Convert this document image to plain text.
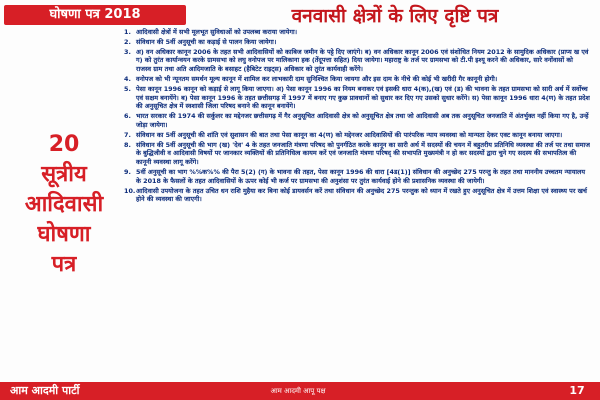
घोषणा पत्र 2018	वनवासी क्षेत्रों के लिए दृष्टि पत्र
20
सूत्रीय
आदिवासी
घोषणा
पत्र
1. आदिवासी क्षेत्रों में सभी मूलभूत सुविधाओं को उपलब्ध कराया जायेगा।
2. संविधान की 5वीं अनुसूची का कड़ाई से पालन किया जायेगा।
3. अ) वन अधिकार कानून 2006 के तहत सभी आदिवासियों को काबिज जमीन के पट्टे दिए जाएंगे। ब) वन अधिकार कानून 2006 एवं संशोधित नियम 2012 के सामुदिक अधिकार (प्राप्य ख एवं ग) को तुरंत कार्यान्वयन करके ग्रामसभा को लघु वनोपज पर मालिकाना हक (तेंदूपत्ता सहित) दिया जायेगा। महाराष्ट्र के तर्ज पर ग्रामसभा को टी.पी इश्यू करने की अधिकार, सारे वनोंवासों को राजस्व ग्राम तथा अति आदिमजाति के बसाहट (हैबिटेट राइट्स) अधिकार को तुरंत कार्यवाही करेंगे।
4. वनोपज को भी न्यूनतम समर्थन मूल्य कानून में शामिल कर लाभकारी दाम सुनिश्चित किया जायगा और इस दाम के नीचे की कोई भी खरीदी गैर कानूनी होगी।
5. पेसा कानून 1996 कानून को कड़ाई से लागू किया जाएगा। अ) पेसा कानून 1996 का नियम बनाकर एवं इसकी धारा 4(क),(ख) एवं (ड) की भावना के तहत ग्रामसभा को सारी अर्थ में सर्वोच्च एवं सक्षम बनायेंगे। ब) पेसा कानून 1996 के तहत छत्तीसगढ़ में 1997 में बनाए गए कुछ प्रावधानों को सुधार कर दिए गए उसको सुधार करेंगे। स) पेसा कानून 1996 धारा 4(ण) के तहत प्रदेश की अनुसूचित क्षेत्र में स्वशासी जिला परिषद बनाने की कानून बनायेंगे।
6. भारत सरकार की 1974 की सर्कुलर का मद्देनजर छत्तीसगढ़ में गैर अनुसूचित आदिवासी क्षेत्र को अनुसूचित क्षेत्र तथा जो आदिवासी अब तक अनुसूचित जनजाति में अंतर्भुक्त नहीं किया गए है, उन्हें जोड़ा जायेगा।
7. संविधान का 5वीं अनुसूची की शांति एवं सुशासन की बात तथा पेसा कानून का 4(ण) को मद्देनजर आदिवासियों की पारंपरिक न्याय व्यवस्था को मान्यता देकर एक्ट कानून बनाया जाएगा।
8. संविधान की 5वीं अनुसूची की भाग (ख) 'देव' 4 के तहत जनजाति मंत्रणा परिषद को पुनर्गठित करके कानून का सारी अर्थ में सदस्यों की चयन में बहुतरीय प्रतिनिधि व्यवस्था की तर्ज पर तथा समाज के बुद्धिजीवी व आदिवासी विषयों पर जानकार व्यक्तियों की प्रतिनिधित्व कायम करें एवं जनजाति मंत्रणा परिषद् की सभापति मुख्यमंत्री न हो कर सदस्यों द्वारा चुने गए सदस्य की सभापतित्व की कानूनी व्यवस्था लागू करेंगे।
9. 5वीं अनुसूची का भाग %%क%% की पैरा 5(2) (ग) के भावना की तहत, पेसा कानून 1996 की धारा [4ड(1)] संविधान की अनुच्छेद 275 परन्तु के तहत तथा माननीय उच्चतम न्यायालय के 2018 के फैसलों के तहत आदिवासियों के ऊपर कोई भी कर्ज पर ग्रामसभा की अनुशंसा पर तुरंत कार्यवाई होने की प्रशासनिक व्यवस्था की जायेगी।
10. आदिवासी उपयोजना के तहत उचित धन राशि मुहैया कर बिना कोई डायवर्सन करें तथा संविधान की अनुच्छेद 275 परन्तुक को ध्यान में रखते हुए अनुसूचित क्षेत्र में उत्तम शिक्षा एवं स्वास्थ्य पर खर्च होने की व्यवस्था की जाएगी।
आम आदमी पार्टी	आम आदमी आपू पक्ष	17
